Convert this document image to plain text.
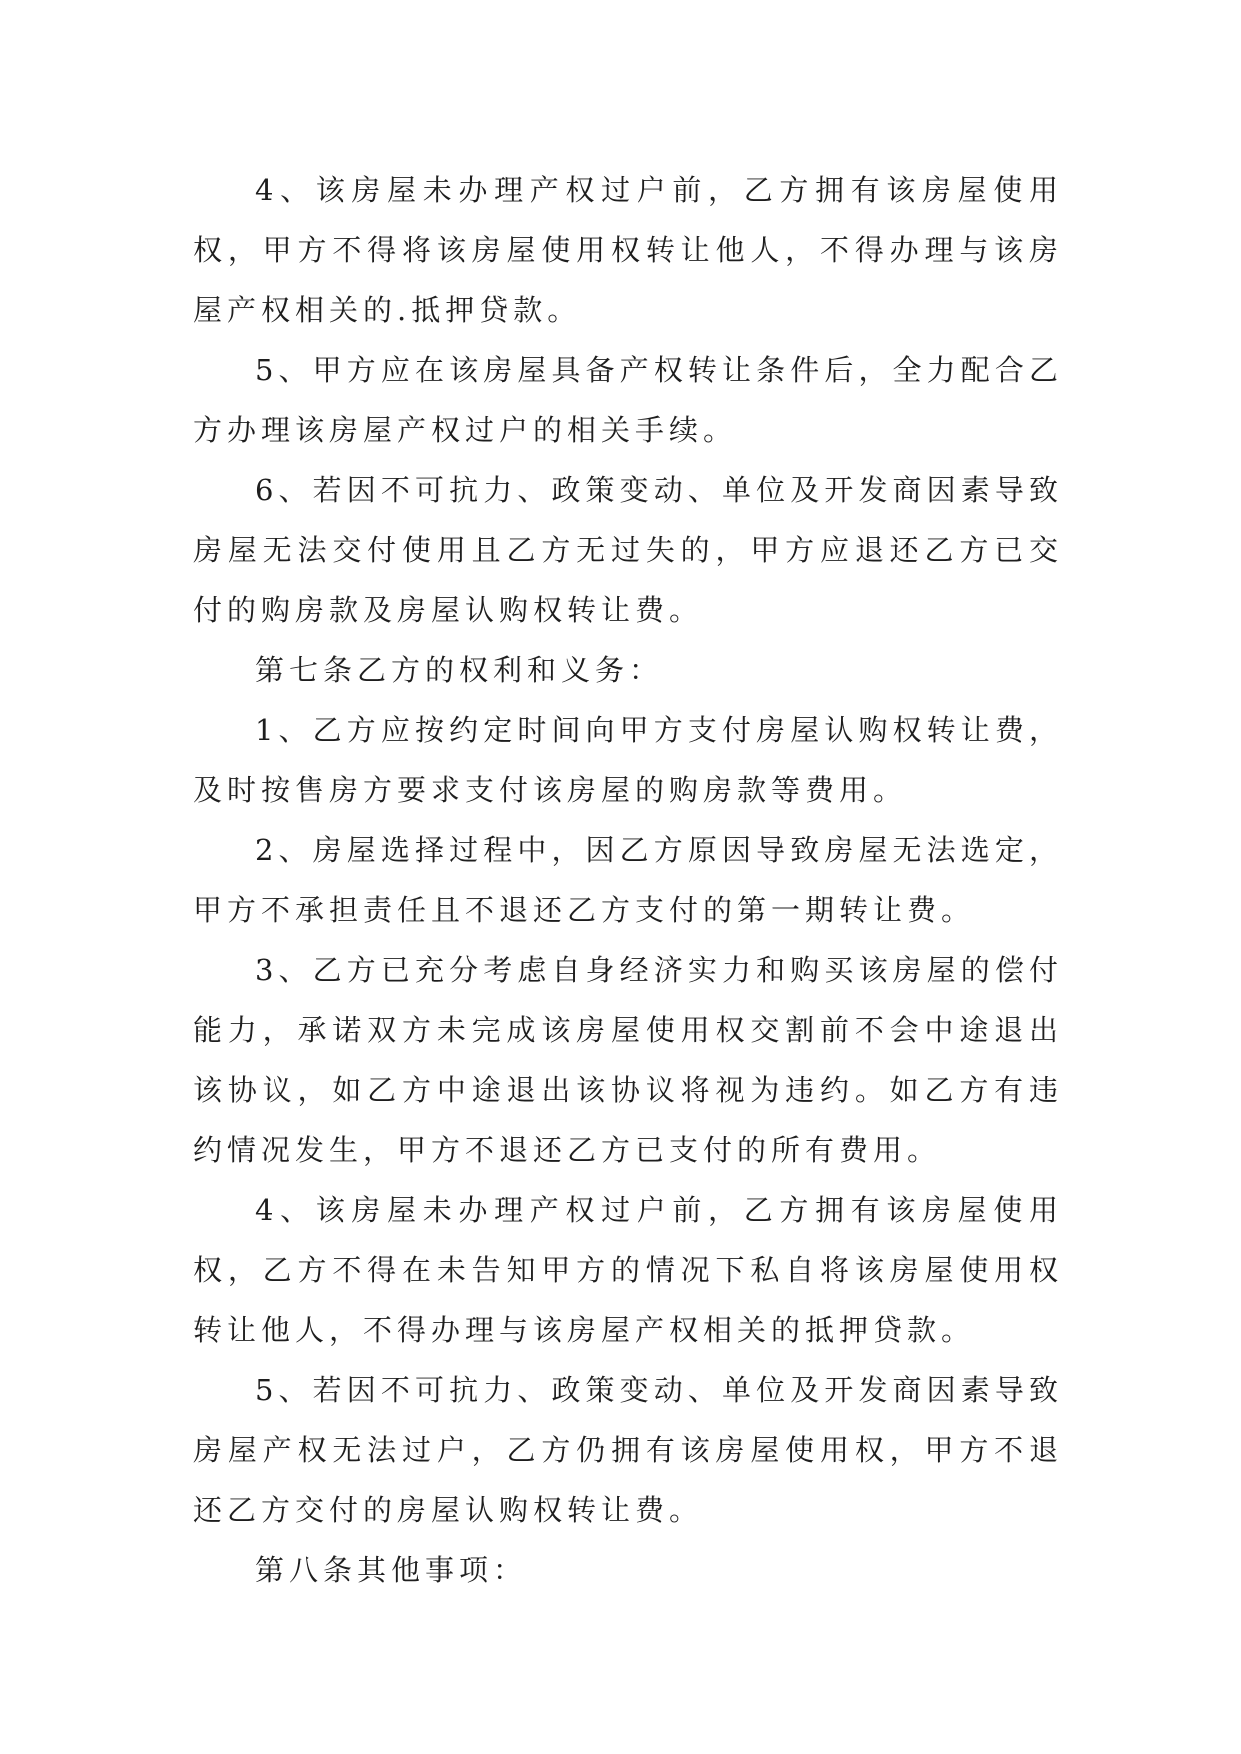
4、该房屋未办理产权过户前，乙方拥有该房屋使用权，甲方不得将该房屋使用权转让他人，不得办理与该房屋产权相关的.抵押贷款。

5、甲方应在该房屋具备产权转让条件后，全力配合乙方办理该房屋产权过户的相关手续。

6、若因不可抗力、政策变动、单位及开发商因素导致房屋无法交付使用且乙方无过失的，甲方应退还乙方已交付的购房款及房屋认购权转让费。

第七条乙方的权利和义务：

1、乙方应按约定时间向甲方支付房屋认购权转让费，及时按售房方要求支付该房屋的购房款等费用。

2、房屋选择过程中，因乙方原因导致房屋无法选定，甲方不承担责任且不退还乙方支付的第一期转让费。

3、乙方已充分考虑自身经济实力和购买该房屋的偿付能力，承诺双方未完成该房屋使用权交割前不会中途退出该协议，如乙方中途退出该协议将视为违约。如乙方有违约情况发生，甲方不退还乙方已支付的所有费用。

4、该房屋未办理产权过户前，乙方拥有该房屋使用权，乙方不得在未告知甲方的情况下私自将该房屋使用权转让他人，不得办理与该房屋产权相关的抵押贷款。

5、若因不可抗力、政策变动、单位及开发商因素导致房屋产权无法过户，乙方仍拥有该房屋使用权，甲方不退还乙方交付的房屋认购权转让费。

第八条其他事项：
